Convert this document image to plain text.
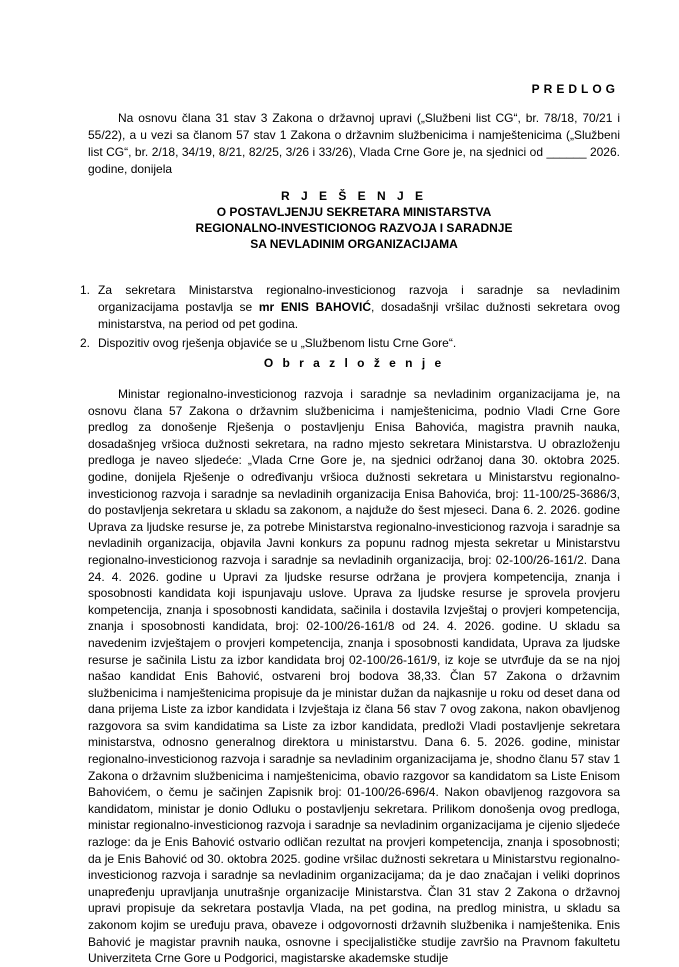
PREDLOG

Na osnovu člana 31 stav 3 Zakona o državnoj upravi („Službeni list CG“, br. 78/18, 70/21 i 55/22), a u vezi sa članom 57 stav 1 Zakona o državnim službenicima i namještenicima („Službeni list CG“, br. 2/18, 34/19, 8/21, 82/25, 3/26 i 33/26), Vlada Crne Gore je, na sjednici od ______ 2026. godine, donijela

R J E Š E N J E
O POSTAVLJENJU SEKRETARA MINISTARSTVA
REGIONALNO-INVESTICIONOG RAZVOJA I SARADNJE
SA NEVLADINIM ORGANIZACIJAMA
1. Za sekretara Ministarstva regionalno-investicionog razvoja i saradnje sa nevladinim organizacijama postavlja se mr ENIS BAHOVIĆ, dosadašnji vršilac dužnosti sekretara ovog ministarstva, na period od pet godina.
2. Dispozitiv ovog rješenja objaviće se u „Službenom listu Crne Gore“.
O b r a z l o ž e n j e

Ministar regionalno-investicionog razvoja i saradnje sa nevladinim organizacijama je, na osnovu člana 57 Zakona o državnim službenicima i namještenicima, podnio Vladi Crne Gore predlog za donošenje Rješenja o postavljenju Enisa Bahovića, magistra pravnih nauka, dosadašnjeg vršioca dužnosti sekretara, na radno mjesto sekretara Ministarstva. U obrazloženju predloga je naveo sljedeće: „Vlada Crne Gore je, na sjednici održanoj dana 30. oktobra 2025. godine, donijela Rješenje o određivanju vršioca dužnosti sekretara u Ministarstvu regionalno-investicionog razvoja i saradnje sa nevladinih organizacija Enisa Bahovića, broj: 11-100/25-3686/3, do postavljenja sekretara u skladu sa zakonom, a najduže do šest mjeseci. Dana 6. 2. 2026. godine Uprava za ljudske resurse je, za potrebe Ministarstva regionalno-investicionog razvoja i saradnje sa nevladinih organizacija, objavila Javni konkurs za popunu radnog mjesta sekretar u Ministarstvu regionalno-investicionog razvoja i saradnje sa nevladinih organizacija, broj: 02-100/26-161/2. Dana 24. 4. 2026. godine u Upravi za ljudske resurse održana je provjera kompetencija, znanja i sposobnosti kandidata koji ispunjavaju uslove. Uprava za ljudske resurse je sprovela provjeru kompetencija, znanja i sposobnosti kandidata, sačinila i dostavila Izvještaj o provjeri kompetencija, znanja i sposobnosti kandidata, broj: 02-100/26-161/8 od 24. 4. 2026. godine. U skladu sa navedenim izvještajem o provjeri kompetencija, znanja i sposobnosti kandidata, Uprava za ljudske resurse je sačinila Listu za izbor kandidata broj 02-100/26-161/9, iz koje se utvrđuje da se na njoj našao kandidat Enis Bahović, ostvareni broj bodova 38,33. Član 57 Zakona o državnim službenicima i namještenicima propisuje da je ministar dužan da najkasnije u roku od deset dana od dana prijema Liste za izbor kandidata i Izvještaja iz člana 56 stav 7 ovog zakona, nakon obavljenog razgovora sa svim kandidatima sa Liste za izbor kandidata, predloži Vladi postavljenje sekretara ministarstva, odnosno generalnog direktora u ministarstvu. Dana 6. 5. 2026. godine, ministar regionalno-investicionog razvoja i saradnje sa nevladinim organizacijama je, shodno članu 57 stav 1 Zakona o državnim službenicima i namještenicima, obavio razgovor sa kandidatom sa Liste Enisom Bahovićem, o čemu je sačinjen Zapisnik broj: 01-100/26-696/4. Nakon obavljenog razgovora sa kandidatom, ministar je donio Odluku o postavljenju sekretara. Prilikom donošenja ovog predloga, ministar regionalno-investicionog razvoja i saradnje sa nevladinim organizacijama je cijenio sljedeće razloge: da je Enis Bahović ostvario odličan rezultat na provjeri kompetencija, znanja i sposobnosti; da je Enis Bahović od 30. oktobra 2025. godine vršilac dužnosti sekretara u Ministarstvu regionalno-investicionog razvoja i saradnje sa nevladinim organizacijama; da je dao značajan i veliki doprinos unapređenju upravljanja unutrašnje organizacije Ministarstva. Član 31 stav 2 Zakona o državnoj upravi propisuje da sekretara postavlja Vlada, na pet godina, na predlog ministra, u skladu sa zakonom kojim se uređuju prava, obaveze i odgovornosti državnih službenika i namještenika. Enis Bahović je magistar pravnih nauka, osnovne i specijalističke studije završio na Pravnom fakultetu Univerziteta Crne Gore u Podgorici, magistarske akademske studije
